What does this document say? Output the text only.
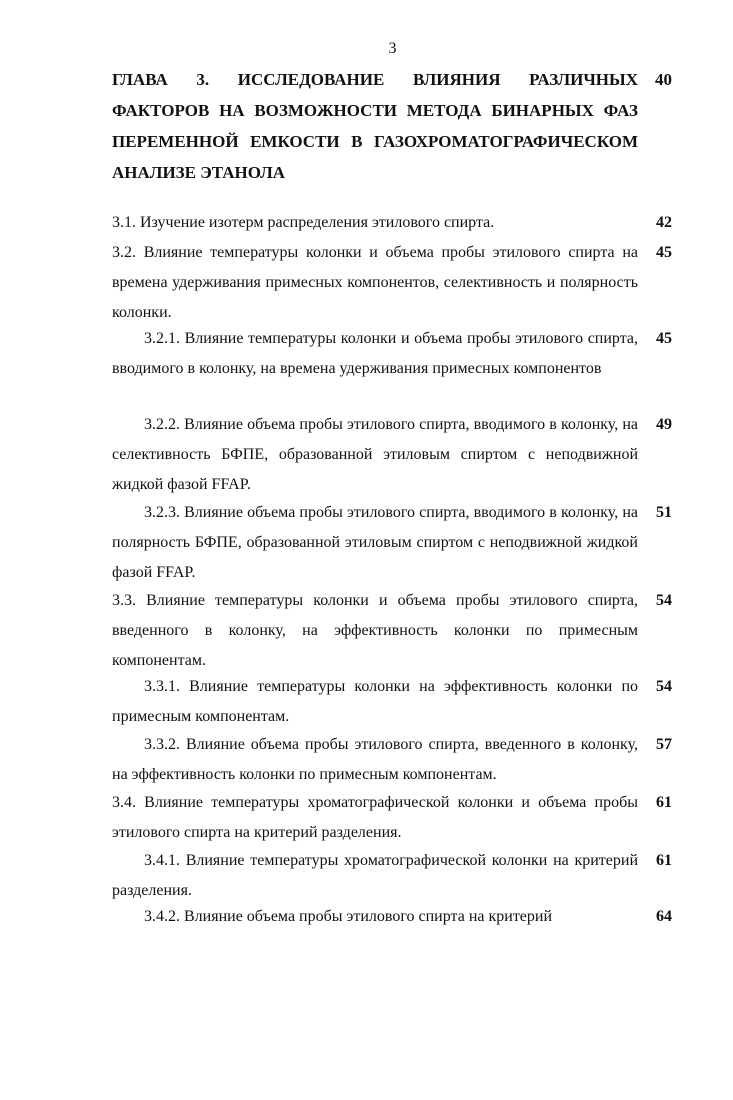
3
ГЛАВА 3. ИССЛЕДОВАНИЕ ВЛИЯНИЯ РАЗЛИЧНЫХ ФАКТОРОВ НА ВОЗМОЖНОСТИ МЕТОДА БИНАРНЫХ ФАЗ ПЕРЕМЕННОЙ ЕМКОСТИ В ГАЗОХРОМАТОГРАФИЧЕСКОМ АНАЛИЗЕ ЭТАНОЛА
40
3.1. Изучение изотерм распределения этилового спирта.	42
3.2. Влияние температуры колонки и объема пробы этилового спирта на времена удерживания примесных компонентов, селективность и полярность колонки.
45
3.2.1. Влияние температуры колонки и объема пробы этилового спирта, вводимого в колонку, на времена удерживания примесных компонентов
45
3.2.2. Влияние объема пробы этилового спирта, вводимого в колонку, на селективность БФПЕ, образованной этиловым спиртом с неподвижной жидкой фазой FFAP.
49
3.2.3. Влияние объема пробы этилового спирта, вводимого в колонку, на полярность БФПЕ, образованной этиловым спиртом с неподвижной жидкой фазой FFAP.
51
3.3. Влияние температуры колонки и объема пробы этилового спирта, введенного в колонку, на эффективность колонки по примесным компонентам.
54
3.3.1. Влияние температуры колонки на эффективность колонки по примесным компонентам.
54
3.3.2. Влияние объема пробы этилового спирта, введенного в колонку, на эффективность колонки по примесным компонентам.
57
3.4. Влияние температуры хроматографической колонки и объема пробы этилового спирта на критерий разделения.
61
3.4.1. Влияние температуры хроматографической колонки на критерий разделения.
61
3.4.2. Влияние объема пробы этилового спирта на критерий	64
